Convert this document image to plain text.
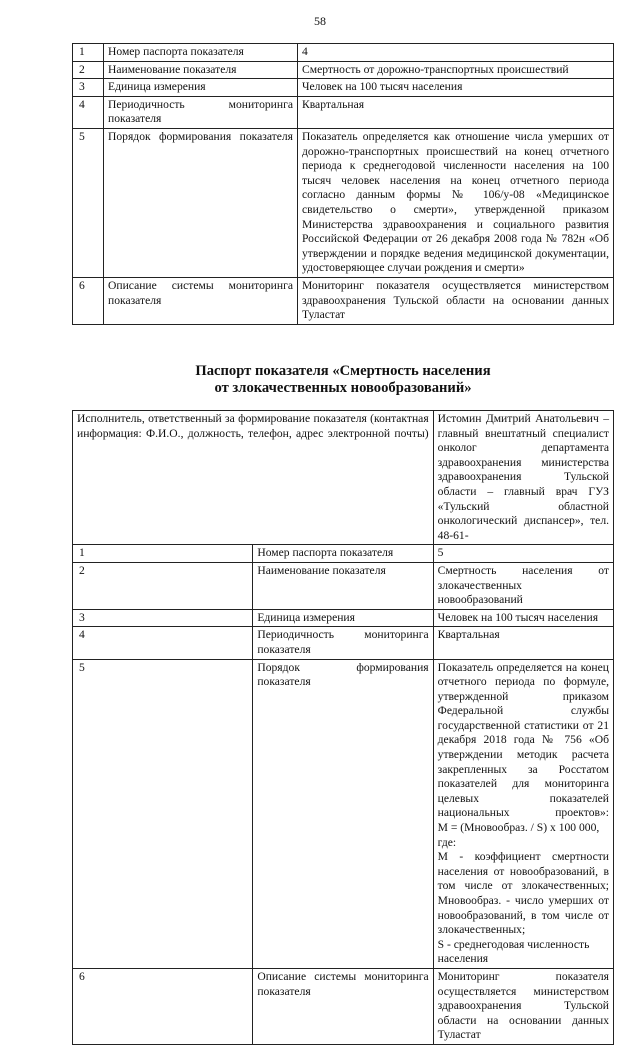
58
1	Номер паспорта показателя	4
2	Наименование показателя	Смертность от дорожно-транспортных происшествий
3	Единица измерения	Человек на 100 тысяч населения
4	Периодичность мониторинга показателя	Квартальная
5	Порядок формирования показателя	Показатель определяется как отношение числа умерших от дорожно-транспортных происшествий на конец отчетного периода к среднегодовой численности населения на 100 тысяч человек населения на конец отчетного периода согласно данным формы № 106/у-08 «Медицинское свидетельство о смерти», утвержденной приказом Министерства здравоохранения и социального развития Российской Федерации от 26 декабря 2008 года № 782н «Об утверждении и порядке ведения медицинской документации, удостоверяющее случаи рождения и смерти»
6	Описание системы мониторинга показателя	Мониторинг показателя осуществляется министерством здравоохранения Тульской области на основании данных Туластат
Паспорт показателя «Смертность населения
от злокачественных новообразований»
Исполнитель, ответственный за формирование показателя (контактная информация: Ф.И.О., должность, телефон, адрес электронной почты)		Истомин Дмитрий Анатольевич – главный внештатный специалист онколог департамента здравоохранения министерства здравоохранения Тульской области – главный врач ГУЗ «Тульский областной онкологический диспансер», тел. 48-61-
1	Номер паспорта показателя	5
2	Наименование показателя	Смертность населения от злокачественных новообразований
3	Единица измерения	Человек на 100 тысяч населения
4	Периодичность мониторинга показателя	Квартальная
5	Порядок формирования показателя	Показатель определяется на конец отчетного периода по формуле, утвержденной приказом Федеральной службы государственной статистики от 21 декабря 2018 года № 756 «Об утверждении методик расчета закрепленных за Росстатом показателей для мониторинга целевых показателей национальных проектов»:
M = (Мновообраз. / S) x 100 000, где:
M - коэффициент смертности населения от новообразований, в том числе от злокачественных;
Мновообраз. - число умерших от новообразований, в том числе от злокачественных;
S - среднегодовая численность населения

6	Описание системы мониторинга показателя	Мониторинг показателя осуществляется министерством здравоохранения Тульской области на основании данных Туластат
